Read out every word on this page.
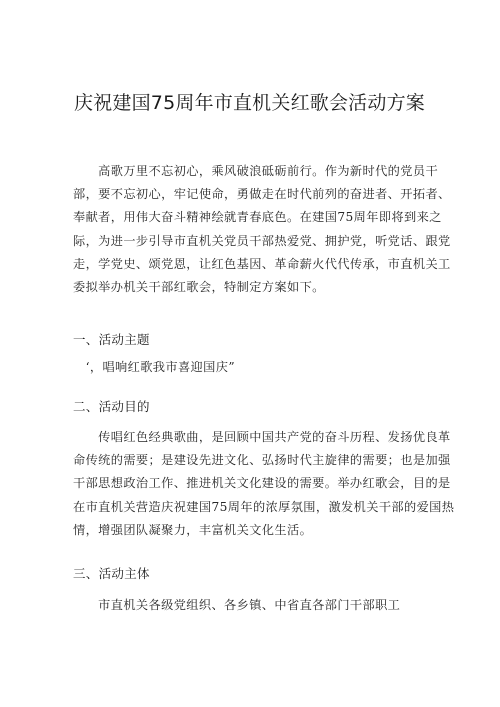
庆祝建国75周年市直机关红歌会活动方案
　　高歌万里不忘初心，乘风破浪砥砺前行。作为新时代的党员干
部，要不忘初心，牢记使命，勇做走在时代前列的奋进者、开拓者、
奉献者，用伟大奋斗精神绘就青春底色。在建国75周年即将到来之
际，为进一步引导市直机关党员干部热爱党、拥护党，听党话、跟党
走，学党史、颂党恩，让红色基因、革命薪火代代传承，市直机关工
委拟举办机关干部红歌会，特制定方案如下。
一、活动主题
　‘，唱响红歌我市喜迎国庆”
二、活动目的
　　传唱红色经典歌曲，是回顾中国共产党的奋斗历程、发扬优良革
命传统的需要；是建设先进文化、弘扬时代主旋律的需要；也是加强
干部思想政治工作、推进机关文化建设的需要。举办红歌会，目的是
在市直机关营造庆祝建国75周年的浓厚氛围，激发机关干部的爱国热
情，增强团队凝聚力，丰富机关文化生活。
三、活动主体
　　市直机关各级党组织、各乡镇、中省直各部门干部职工
